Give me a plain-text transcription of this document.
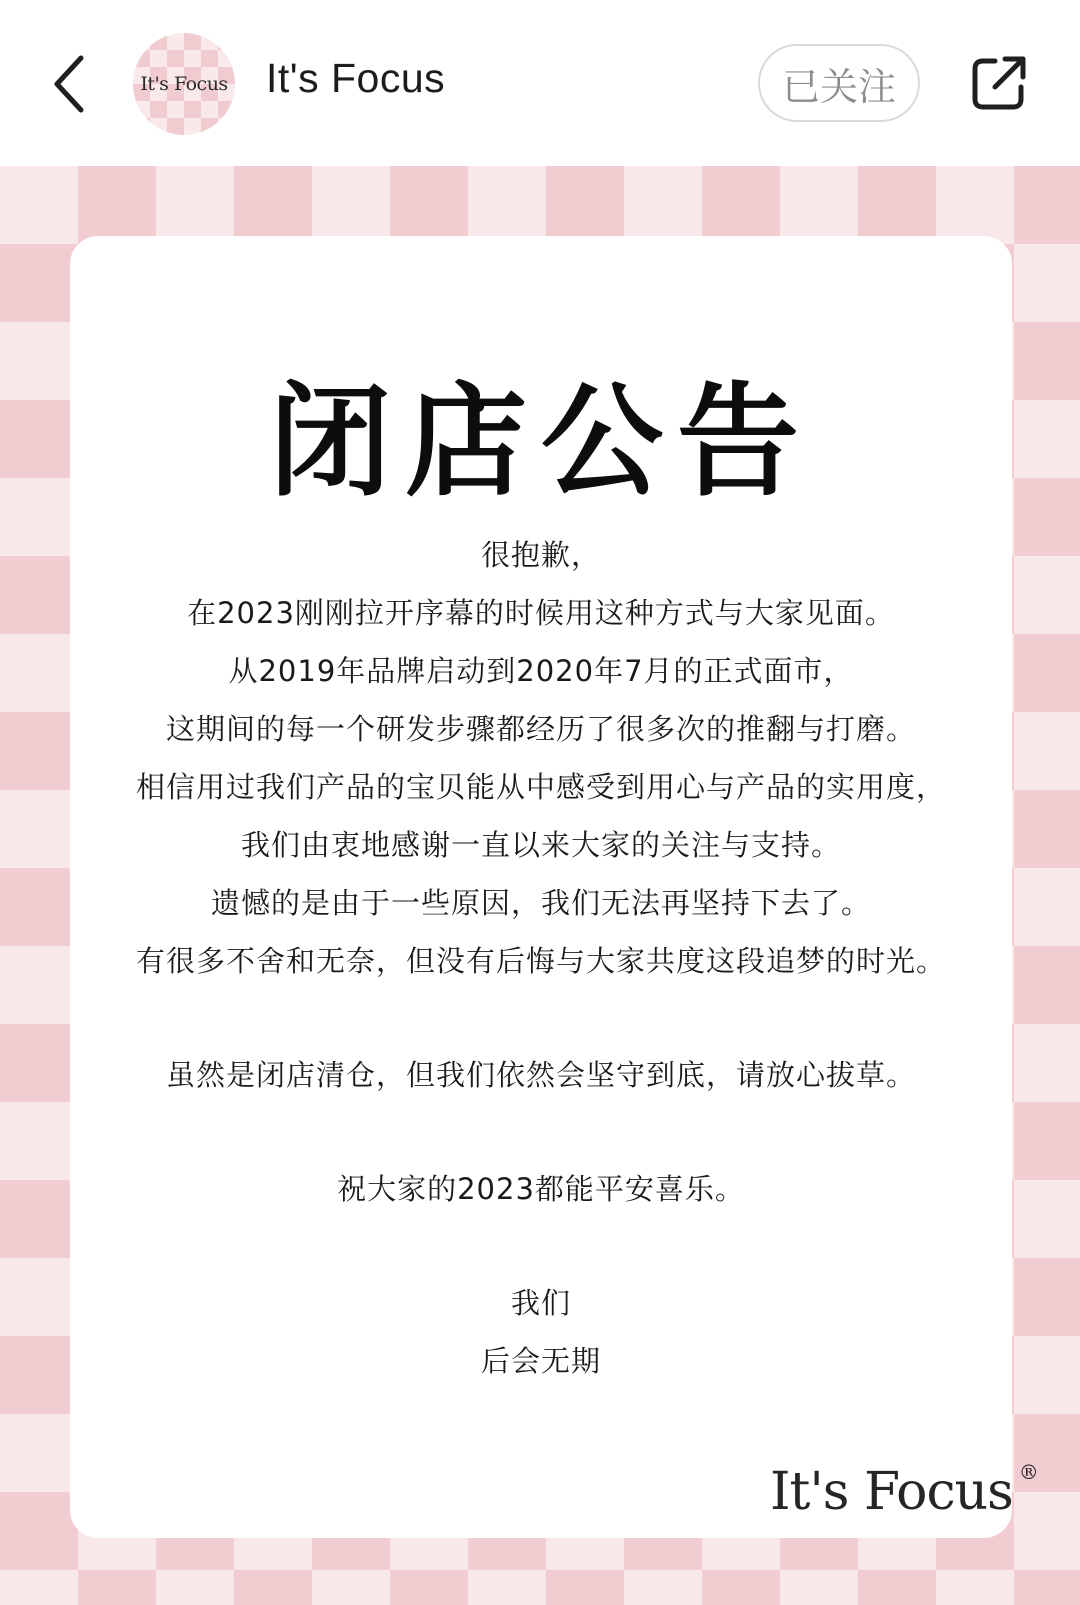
It's Focus It's Focus	已关注
闭店公告
很抱歉，
在2023刚刚拉开序幕的时候用这种方式与大家见面。
从2019年品牌启动到2020年7月的正式面市，
这期间的每一个研发步骤都经历了很多次的推翻与打磨。
相信用过我们产品的宝贝能从中感受到用心与产品的实用度，
我们由衷地感谢一直以来大家的关注与支持。
遗憾的是由于一些原因，我们无法再坚持下去了。
有很多不舍和无奈，但没有后悔与大家共度这段追梦的时光。
虽然是闭店清仓，但我们依然会坚守到底，请放心拔草。
祝大家的2023都能平安喜乐。
我们
后会无期
It's Focus ®
